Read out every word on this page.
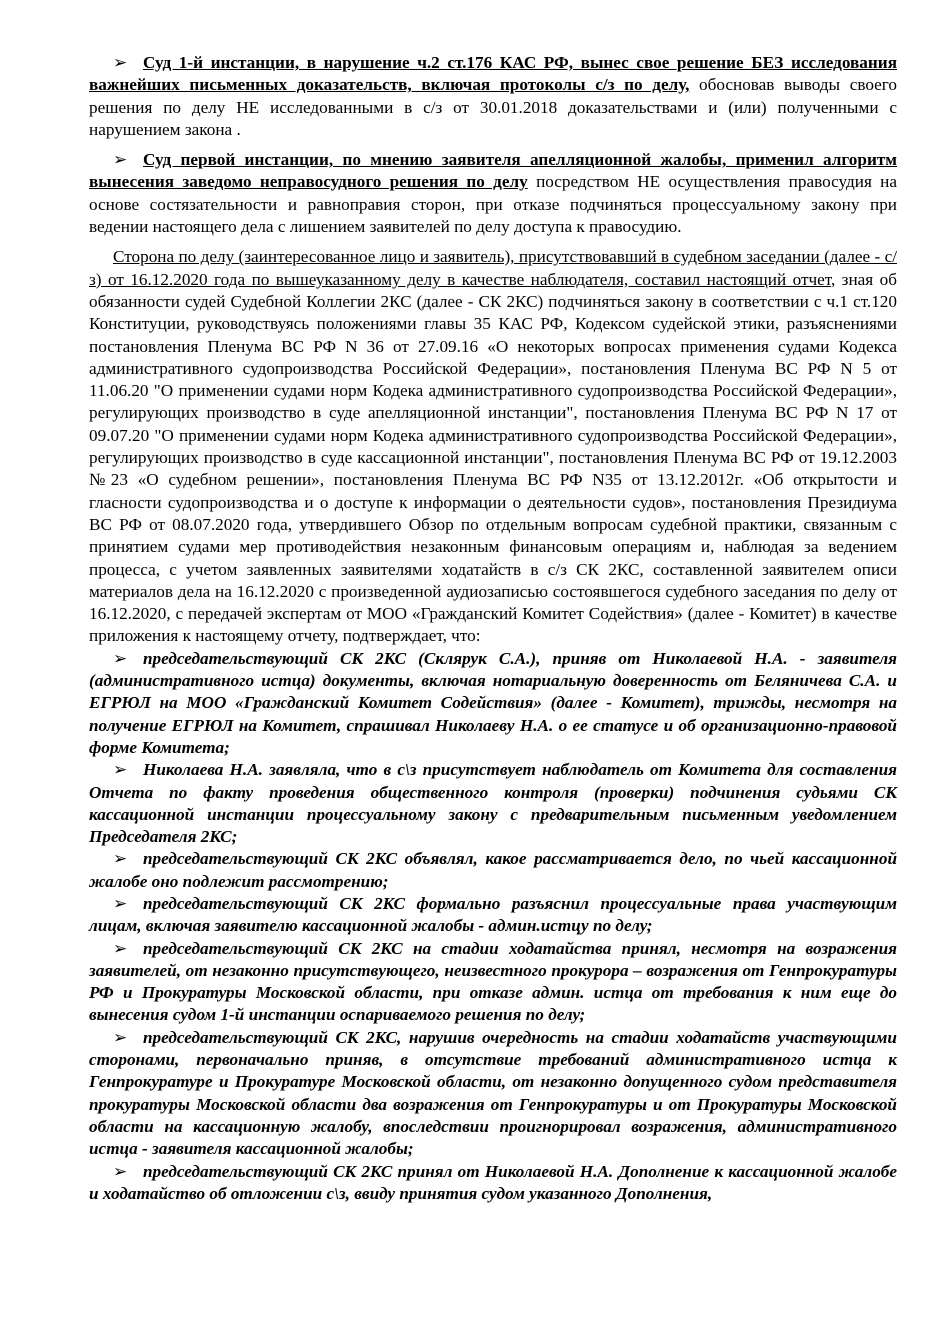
➢ Суд 1-й инстанции, в нарушение ч.2 ст.176 КАС РФ, вынес свое решение БЕЗ исследования важнейших письменных доказательств, включая протоколы с/з по делу, обосновав выводы своего решения по делу НЕ исследованными в с/з от 30.01.2018 доказательствами и (или) полученными с нарушением закона .

➢ Суд первой инстанции, по мнению заявителя апелляционной жалобы, применил алгоритм вынесения заведомо неправосудного решения по делу посредством НЕ осуществления правосудия на основе состязательности и равноправия сторон, при отказе подчиняться процессуальному закону при ведении настоящего дела с лишением заявителей по делу доступа к правосудию.

Сторона по делу (заинтересованное лицо и заявитель), присутствовавший в судебном заседании (далее - с/з) от 16.12.2020 года по вышеуказанному делу в качестве наблюдателя, составил настоящий отчет, зная об обязанности судей Судебной Коллегии 2КС (далее - СК 2КС) подчиняться закону в соответствии с ч.1 ст.120 Конституции, руководствуясь положениями главы 35 КАС РФ, Кодексом судейской этики, разъяснениями постановления Пленума ВС РФ N 36 от 27.09.16 «О некоторых вопросах применения судами Кодекса административного судопроизводства Российской Федерации», постановления Пленума ВС РФ N 5 от 11.06.20 "О применении судами норм Кодека административного судопроизводства Российской Федерации», регулирующих производство в суде апелляционной инстанции", постановления Пленума ВС РФ N 17 от 09.07.20 "О применении судами норм Кодека административного судопроизводства Российской Федерации», регулирующих производство в суде кассационной инстанции", постановления Пленума ВС РФ от 19.12.2003 №23 «О судебном решении», постановления Пленума ВС РФ N35 от 13.12.2012г. «Об открытости и гласности судопроизводства и о доступе к информации о деятельности судов», постановления Президиума ВС РФ от 08.07.2020 года, утвердившего Обзор по отдельным вопросам судебной практики, связанным с принятием судами мер противодействия незаконным финансовым операциям и, наблюдая за ведением процесса, с учетом заявленных заявителями ходатайств в с/з СК 2КС, составленной заявителем описи материалов дела на 16.12.2020 с произведенной аудиозаписью состоявшегося судебного заседания по делу от 16.12.2020, с передачей экспертам от МОО «Гражданский Комитет Содействия» (далее - Комитет) в качестве приложения к настоящему отчету, подтверждает, что:

➢ председательствующий СК 2КС (Склярук С.А.), приняв от Николаевой Н.А. - заявителя (административного истца) документы, включая нотариальную доверенность от Беляничева С.А. и ЕГРЮЛ на МОО «Гражданский Комитет Содействия» (далее - Комитет), трижды, несмотря на получение ЕГРЮЛ на Комитет, спрашивал Николаеву Н.А. о ее статусе и об организационно-правовой форме Комитета;

➢ Николаева Н.А. заявляла, что в с\з присутствует наблюдатель от Комитета для составления Отчета по факту проведения общественного контроля (проверки) подчинения судьями СК кассационной инстанции процессуальному закону с предварительным письменным уведомлением Председателя 2КС;

➢ председательствующий СК 2КС объявлял, какое рассматривается дело, по чьей кассационной жалобе оно подлежит рассмотрению;

➢ председательствующий СК 2КС формально разъяснил процессуальные права участвующим лицам, включая заявителю кассационной жалобы - админ.истцу по делу;

➢ председательствующий СК 2КС на стадии ходатайства принял, несмотря на возражения заявителей, от незаконно присутствующего, неизвестного прокурора – возражения от Генпрокуратуры РФ и Прокуратуры Московской области, при отказе админ. истца от требования к ним еще до вынесения судом 1-й инстанции оспариваемого решения по делу;

➢ председательствующий СК 2КС, нарушив очередность на стадии ходатайств участвующими сторонами, первоначально приняв, в отсутствие требований административного истца к Генпрокуратуре и Прокуратуре Московской области, от незаконно допущенного судом представителя прокуратуры Московской области два возражения от Генпрокуратуры и от Прокуратуры Московской области на кассационную жалобу, впоследствии проигнорировал возражения, административного истца - заявителя кассационной жалобы;

➢ председательствующий СК 2КС принял от Николаевой Н.А. Дополнение к кассационной жалобе и ходатайство об отложении с\з, ввиду принятия судом указанного Дополнения,
